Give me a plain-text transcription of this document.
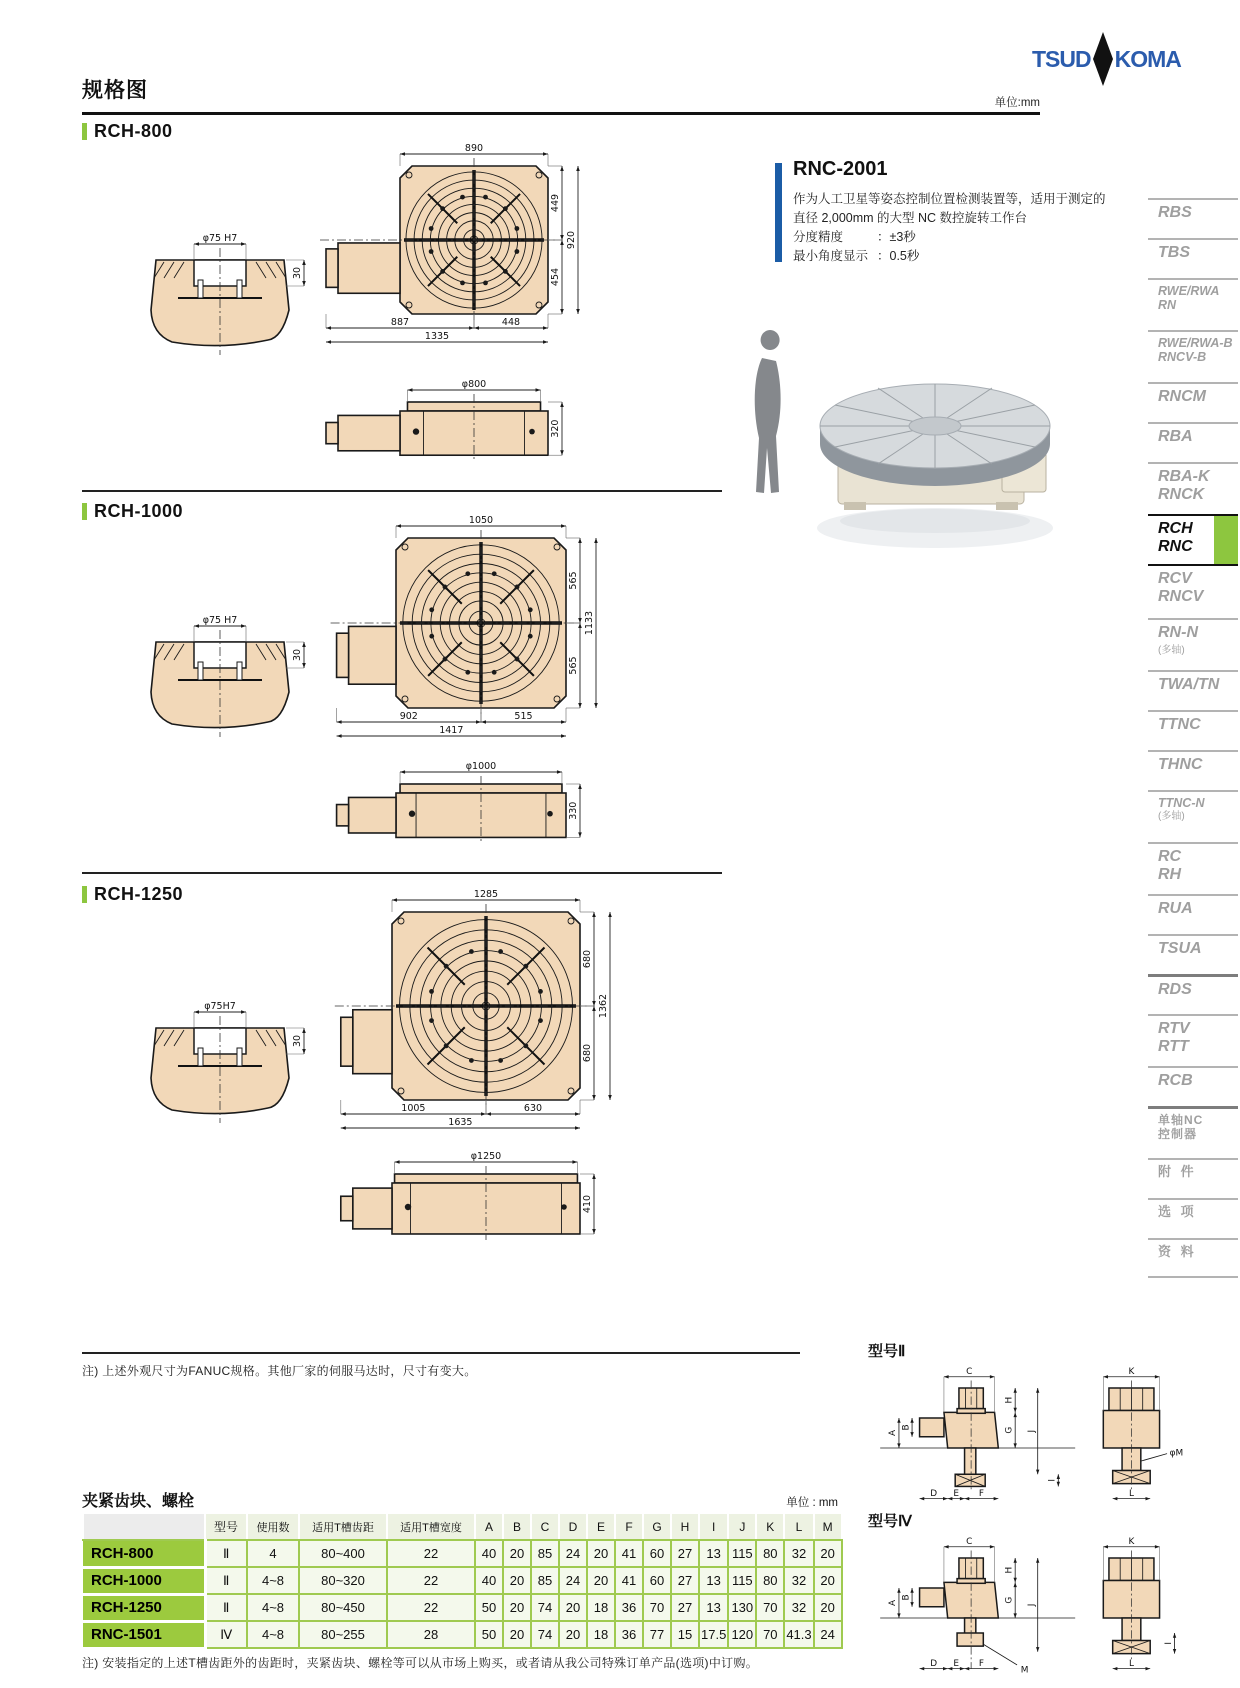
TSUD KOMA
规格图
单位:mm
RCH-800
890
449
454
920
887	448
1335
φ800
320
φ75 H7
30
RCH-1000	1050
565
565
1133
902	515
1417
φ1000
330
φ75 H7
30
RCH-1250	1285
680
680
1362
1005	630
1635
φ1250
410
φ75H7
30
注) 上述外观尺寸为FANUC规格。其他厂家的伺服马达时，尺寸有变大。
RNC-2001
作为人工卫星等姿态控制位置检测装置等，适用于测定的
直径 2,000mm 的大型 NC 数控旋转工作台
分度精度	：±3秒
最小角度显示 ：0.5秒
RBS
TBS
RWE/RWA
RN
RWE/RWA-B
RNCV-B
RNCM
RBA
RBA-K
RNCK
RCH
RNC
RCV
RNCV
RN-N
(多轴)
TWA/TN
TTNC
THNC
TTNC-N
(多轴)
RC
RH
RUA
TSUA
RDS
RTV
RTT
RCB
单轴NC
控制器
附 件
选 项
资 料
夹紧齿块、螺栓	单位 : mm
	型号	使用数	适用T槽齿距	适用T槽宽度	A	B	C	D	E	F	G	H	I	J	K	L	M
RCH-800	Ⅱ	4	80~400	22	40	20	85	24	20	41	60	27	13	115	80	32	20
RCH-1000	Ⅱ	4~8	80~320	22	40	20	85	24	20	41	60	27	13	115	80	32	20
RCH-1250	Ⅱ	4~8	80~450	22	50	20	74	20	18	36	70	27	13	130	70	32	20
RNC-1501	Ⅳ	4~8	80~255	28	50	20	74	20	18	36	77	15	17.5	120	70	41.3	24
注) 安装指定的上述T槽齿距外的齿距时，夹紧齿块、螺栓等可以从市场上购买，或者请从我公司特殊订单产品(选项)中订购。
型号Ⅱ
C
A
B
H
G J
I
D E F
K
L
φM
型号Ⅳ
C
A
B
H
G
J
M
D E F
K
L
I
